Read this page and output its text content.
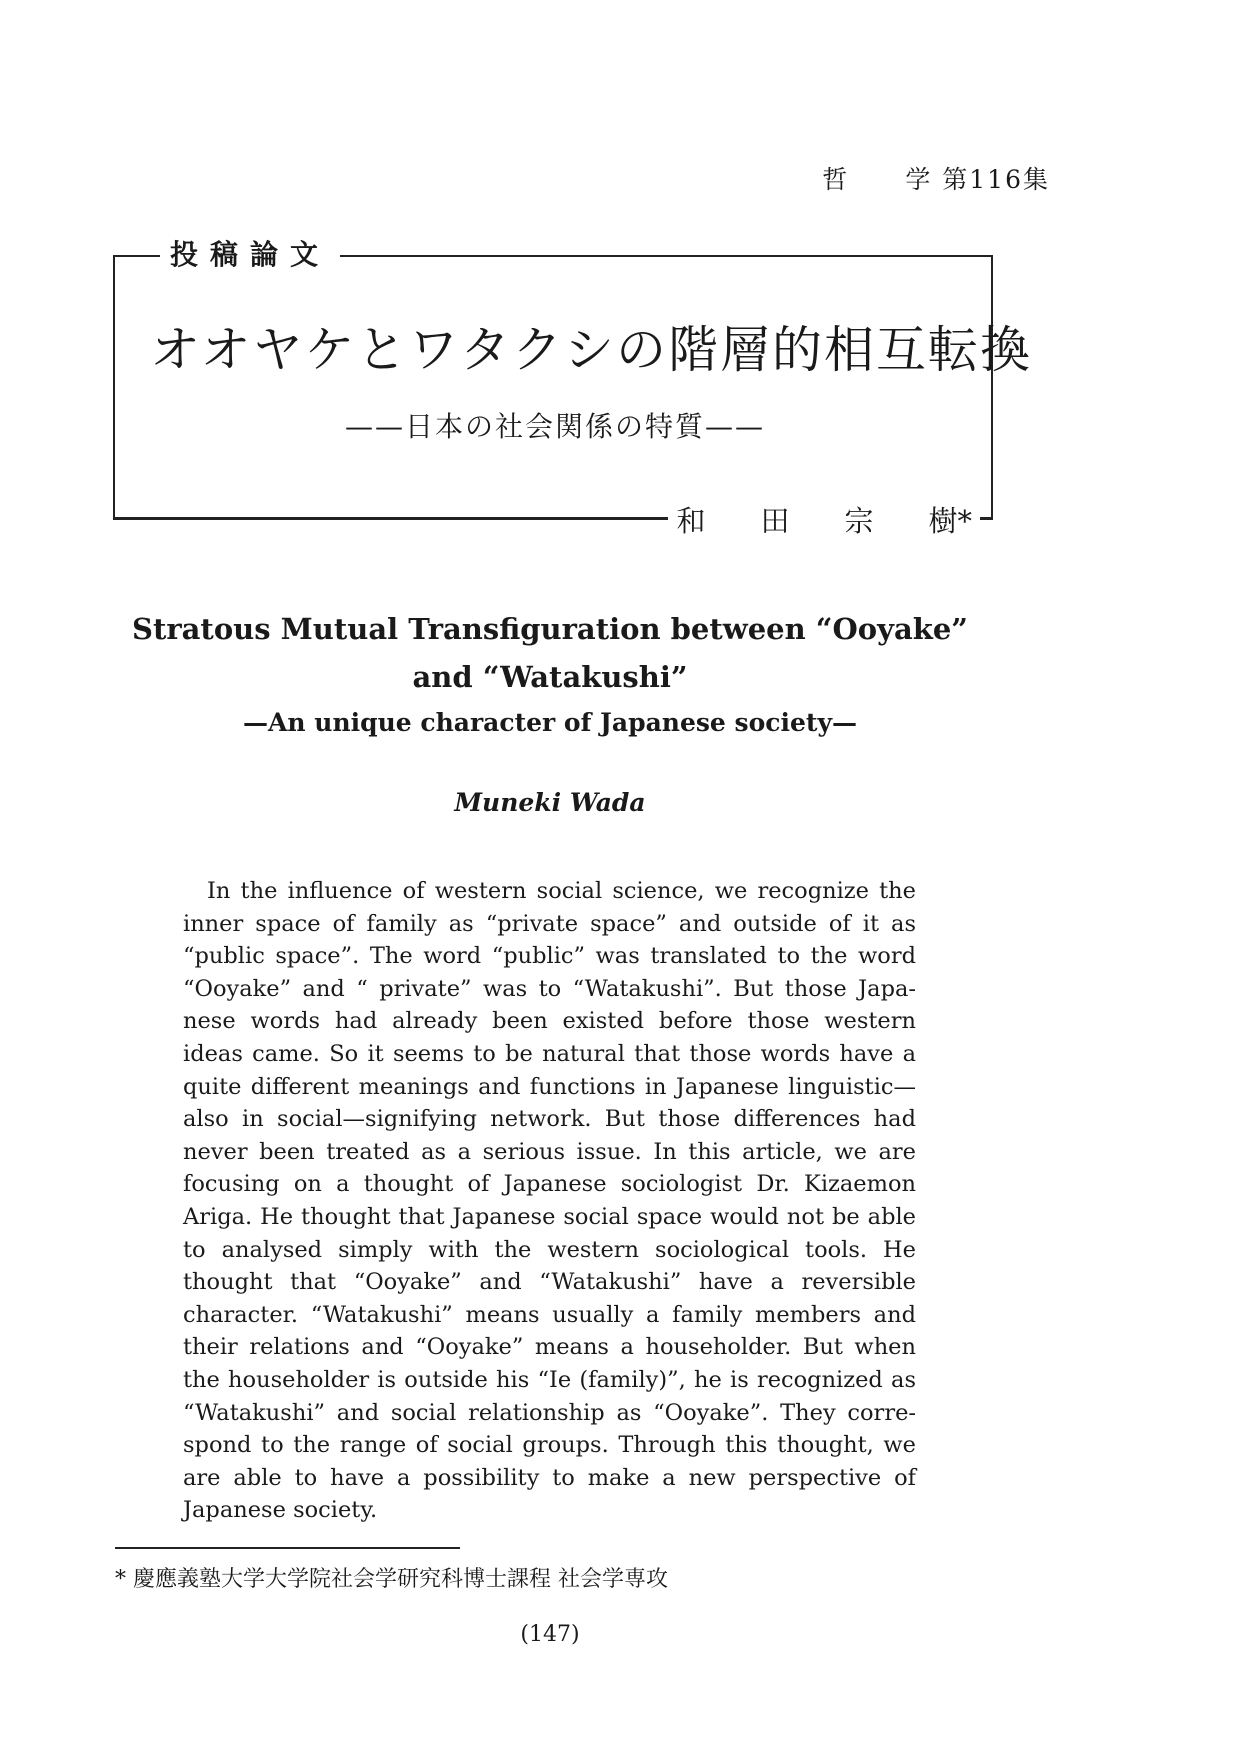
哲 学 第116集
投稿論文
オオヤケとワタクシの階層的相互転換
——日本の社会関係の特質——
和 田 宗 樹*
Stratous Mutual Transfiguration between “Ooyake”
and “Watakushi”
—An unique character of Japanese society—
Muneki Wada

In the influence of western social science, we recognize the inner space of family as “private space” and outside of it as “public space”. The word “public” was translated to the word “Ooyake” and “ private” was to “Watakushi”. But those Japanese words had already been existed before those western ideas came. So it seems to be natural that those words have a quite different meanings and functions in Japanese linguistic—also in social—signifying network. But those differences had never been treated as a serious issue. In this article, we are focusing on a thought of Japanese sociologist Dr. Kizaemon Ariga. He thought that Japanese social space would not be able to analysed simply with the western sociological tools. He thought that “Ooyake” and “Watakushi” have a reversible character. “Watakushi” means usually a family members and their relations and “Ooyake” means a householder. But when the householder is outside his “Ie (family)”, he is recognized as “Watakushi” and social relationship as “Ooyake”. They correspond to the range of social groups. Through this thought, we are able to have a possibility to make a new perspective of Japanese society.

* 慶應義塾大学大学院社会学研究科博士課程 社会学専攻
(147)
